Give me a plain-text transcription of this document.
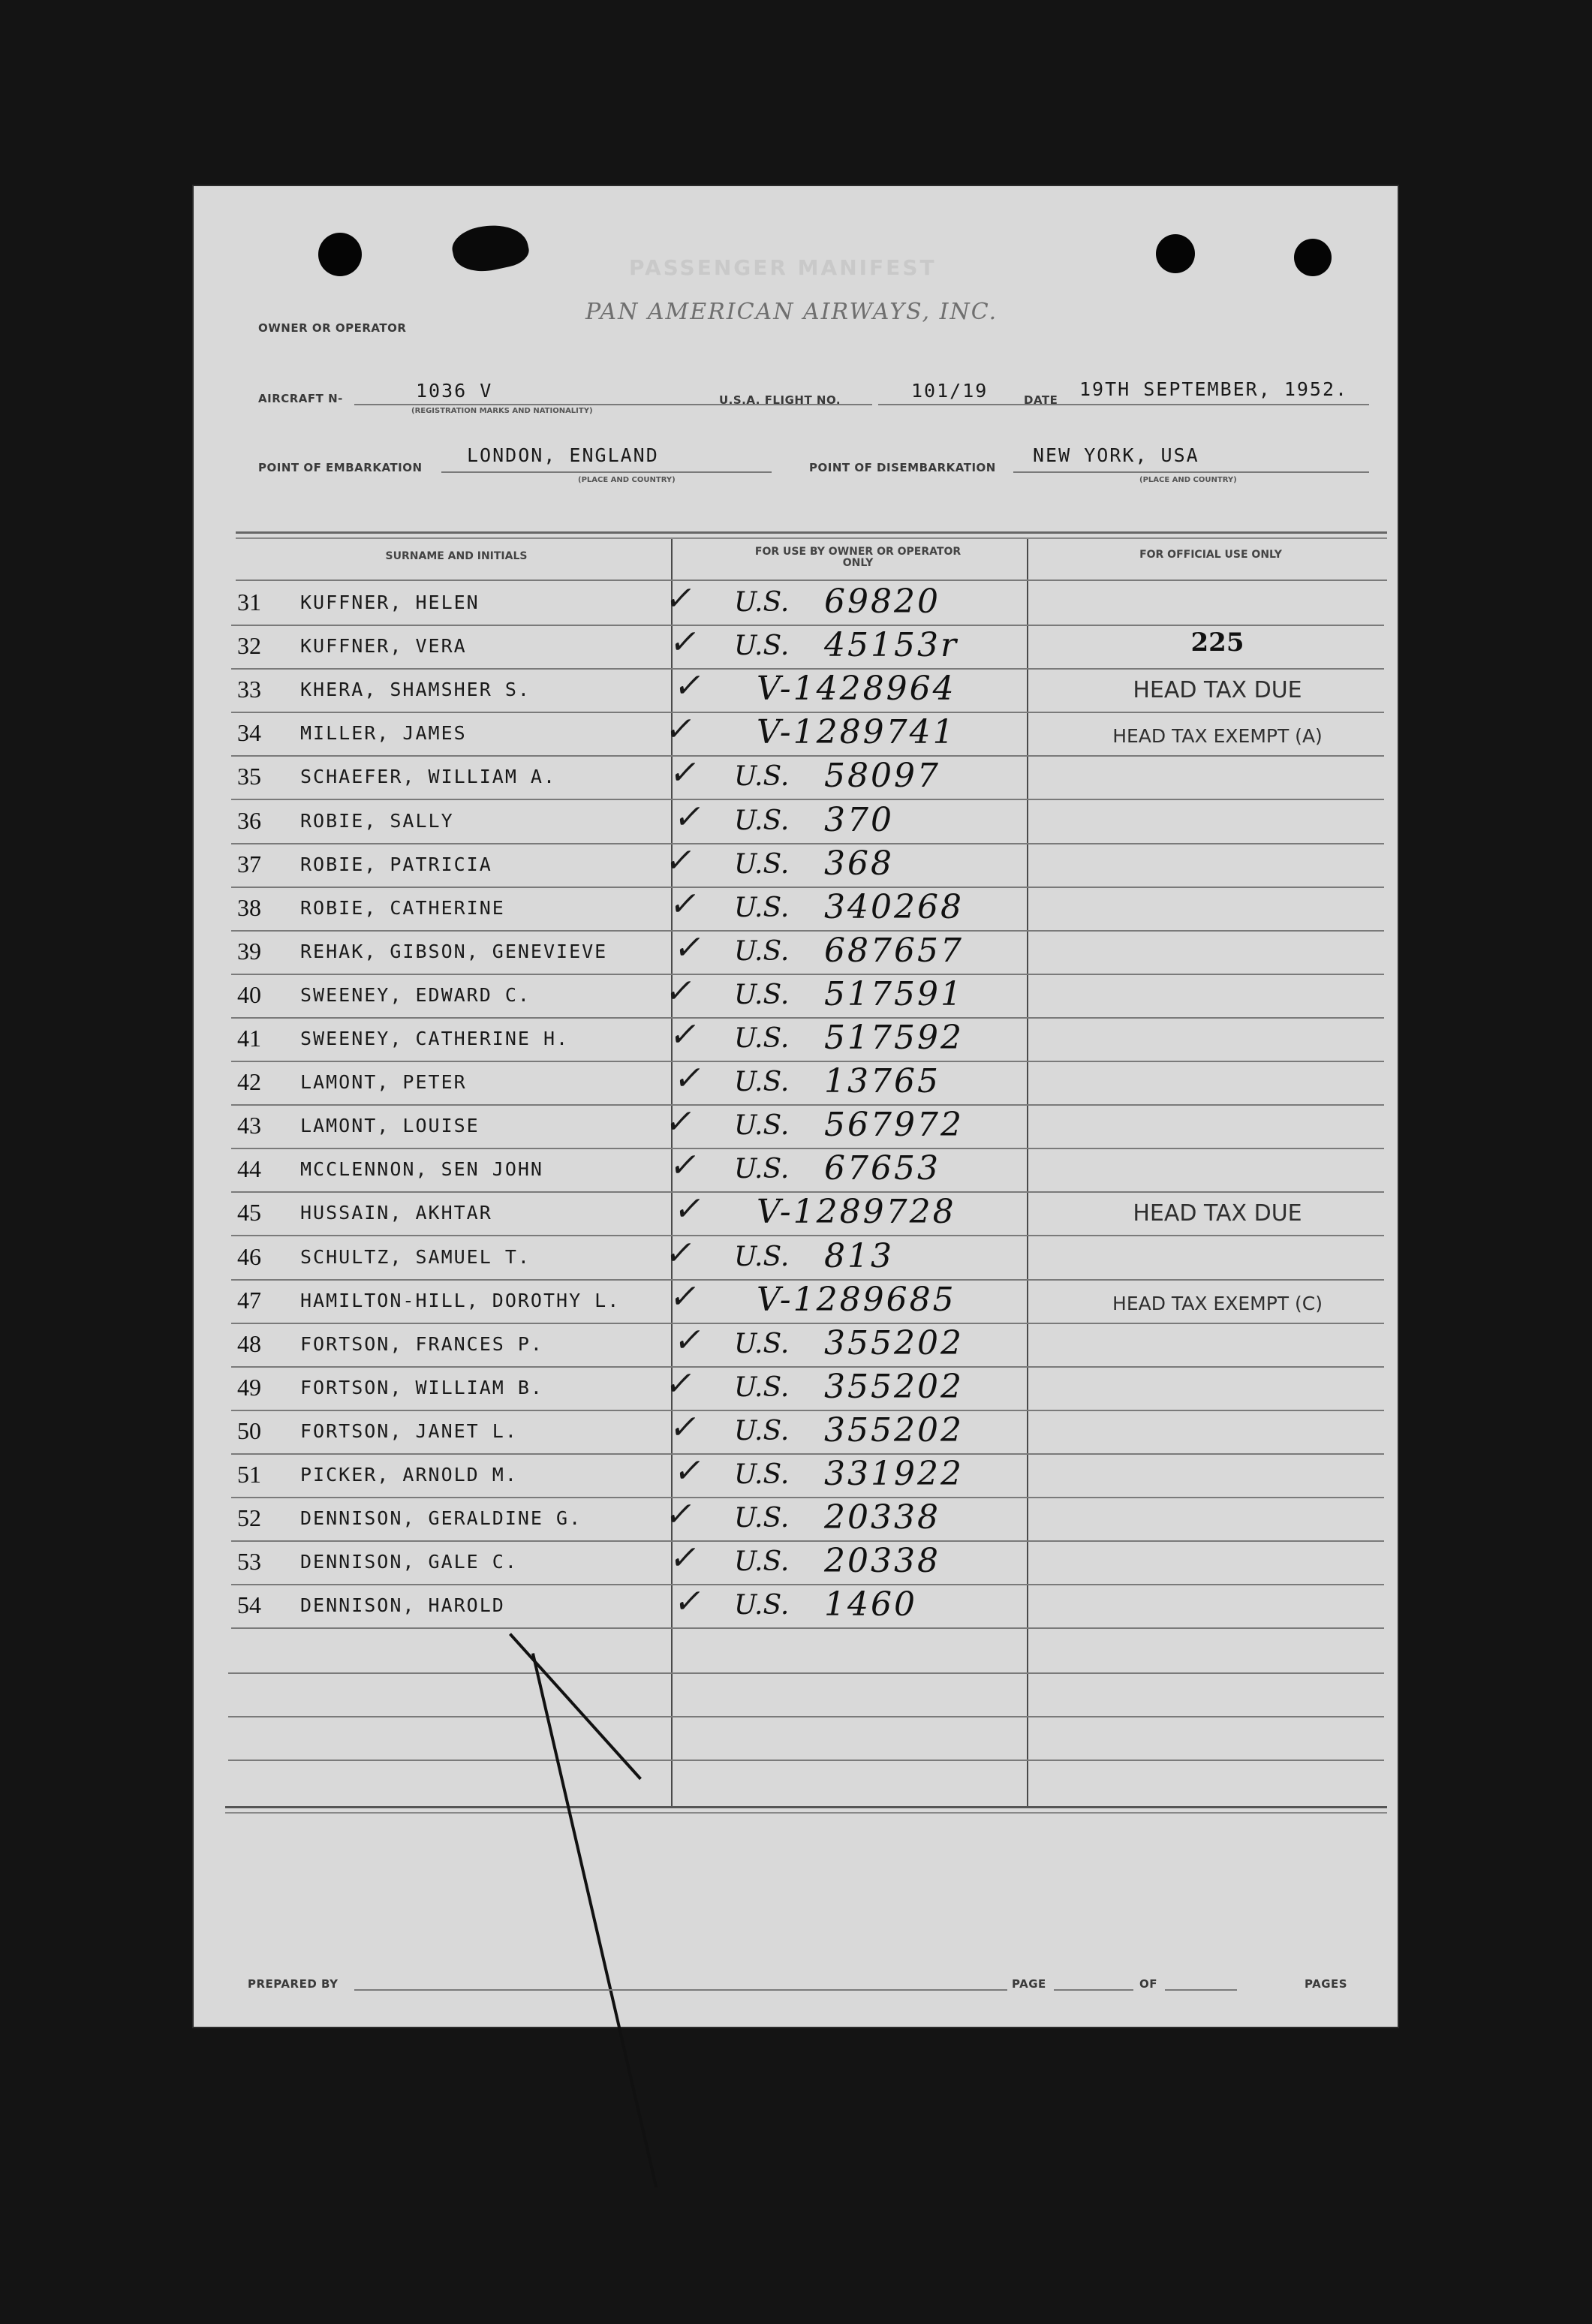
PASSENGER MANIFEST
OWNER OR OPERATOR
PAN AMERICAN AIRWAYS, INC.
AIRCRAFT N-	1036 V
(REGISTRATION MARKS AND NATIONALITY)
U.S.A. FLIGHT NO.	101/19	DATE 19TH SEPTEMBER, 1952.
POINT OF EMBARKATION
LONDON, ENGLAND
(PLACE AND COUNTRY)
POINT OF DISEMBARKATION
NEW YORK, USA
(PLACE AND COUNTRY)
SURNAME AND INITIALS	FOR USE BY OWNER OR OPERATOR ONLY
FOR OFFICIAL USE ONLY
31 KUFFNER, HELEN	✓ U.S. 69820
32 KUFFNER, VERA	✓ U.S. 45153r	225
33 KHERA, SHAMSHER S.	✓ V-1428964	HEAD TAX DUE
34 MILLER, JAMES	✓ V-1289741	HEAD TAX EXEMPT (A)
35 SCHAEFER, WILLIAM A.	✓ U.S. 58097
36 ROBIE, SALLY	✓ U.S. 370
37 ROBIE, PATRICIA	✓ U.S. 368
38 ROBIE, CATHERINE	✓ U.S. 340268
39 REHAK, GIBSON, GENEVIEVE ✓ U.S. 687657
40 SWEENEY, EDWARD C.	✓ U.S. 517591
41 SWEENEY, CATHERINE H.	✓ U.S. 517592
42 LAMONT, PETER	✓ U.S. 13765
43 LAMONT, LOUISE	✓ U.S. 567972
44 MCCLENNON, SEN JOHN	✓ U.S. 67653
45 HUSSAIN, AKHTAR	✓ V-1289728	HEAD TAX DUE
46 SCHULTZ, SAMUEL T.	✓ U.S. 813
47 HAMILTON-HILL, DOROTHY L. ✓ V-1289685	HEAD TAX EXEMPT (C)
48 FORTSON, FRANCES P.	✓ U.S. 355202
49 FORTSON, WILLIAM B.	✓ U.S. 355202
50 FORTSON, JANET L.	✓ U.S. 355202
51 PICKER, ARNOLD M.	✓ U.S. 331922
52 DENNISON, GERALDINE G. ✓ U.S. 20338
53 DENNISON, GALE C.	✓ U.S. 20338
54 DENNISON, HAROLD	✓ U.S. 1460
PREPARED BY	PAGE	OF	PAGES
